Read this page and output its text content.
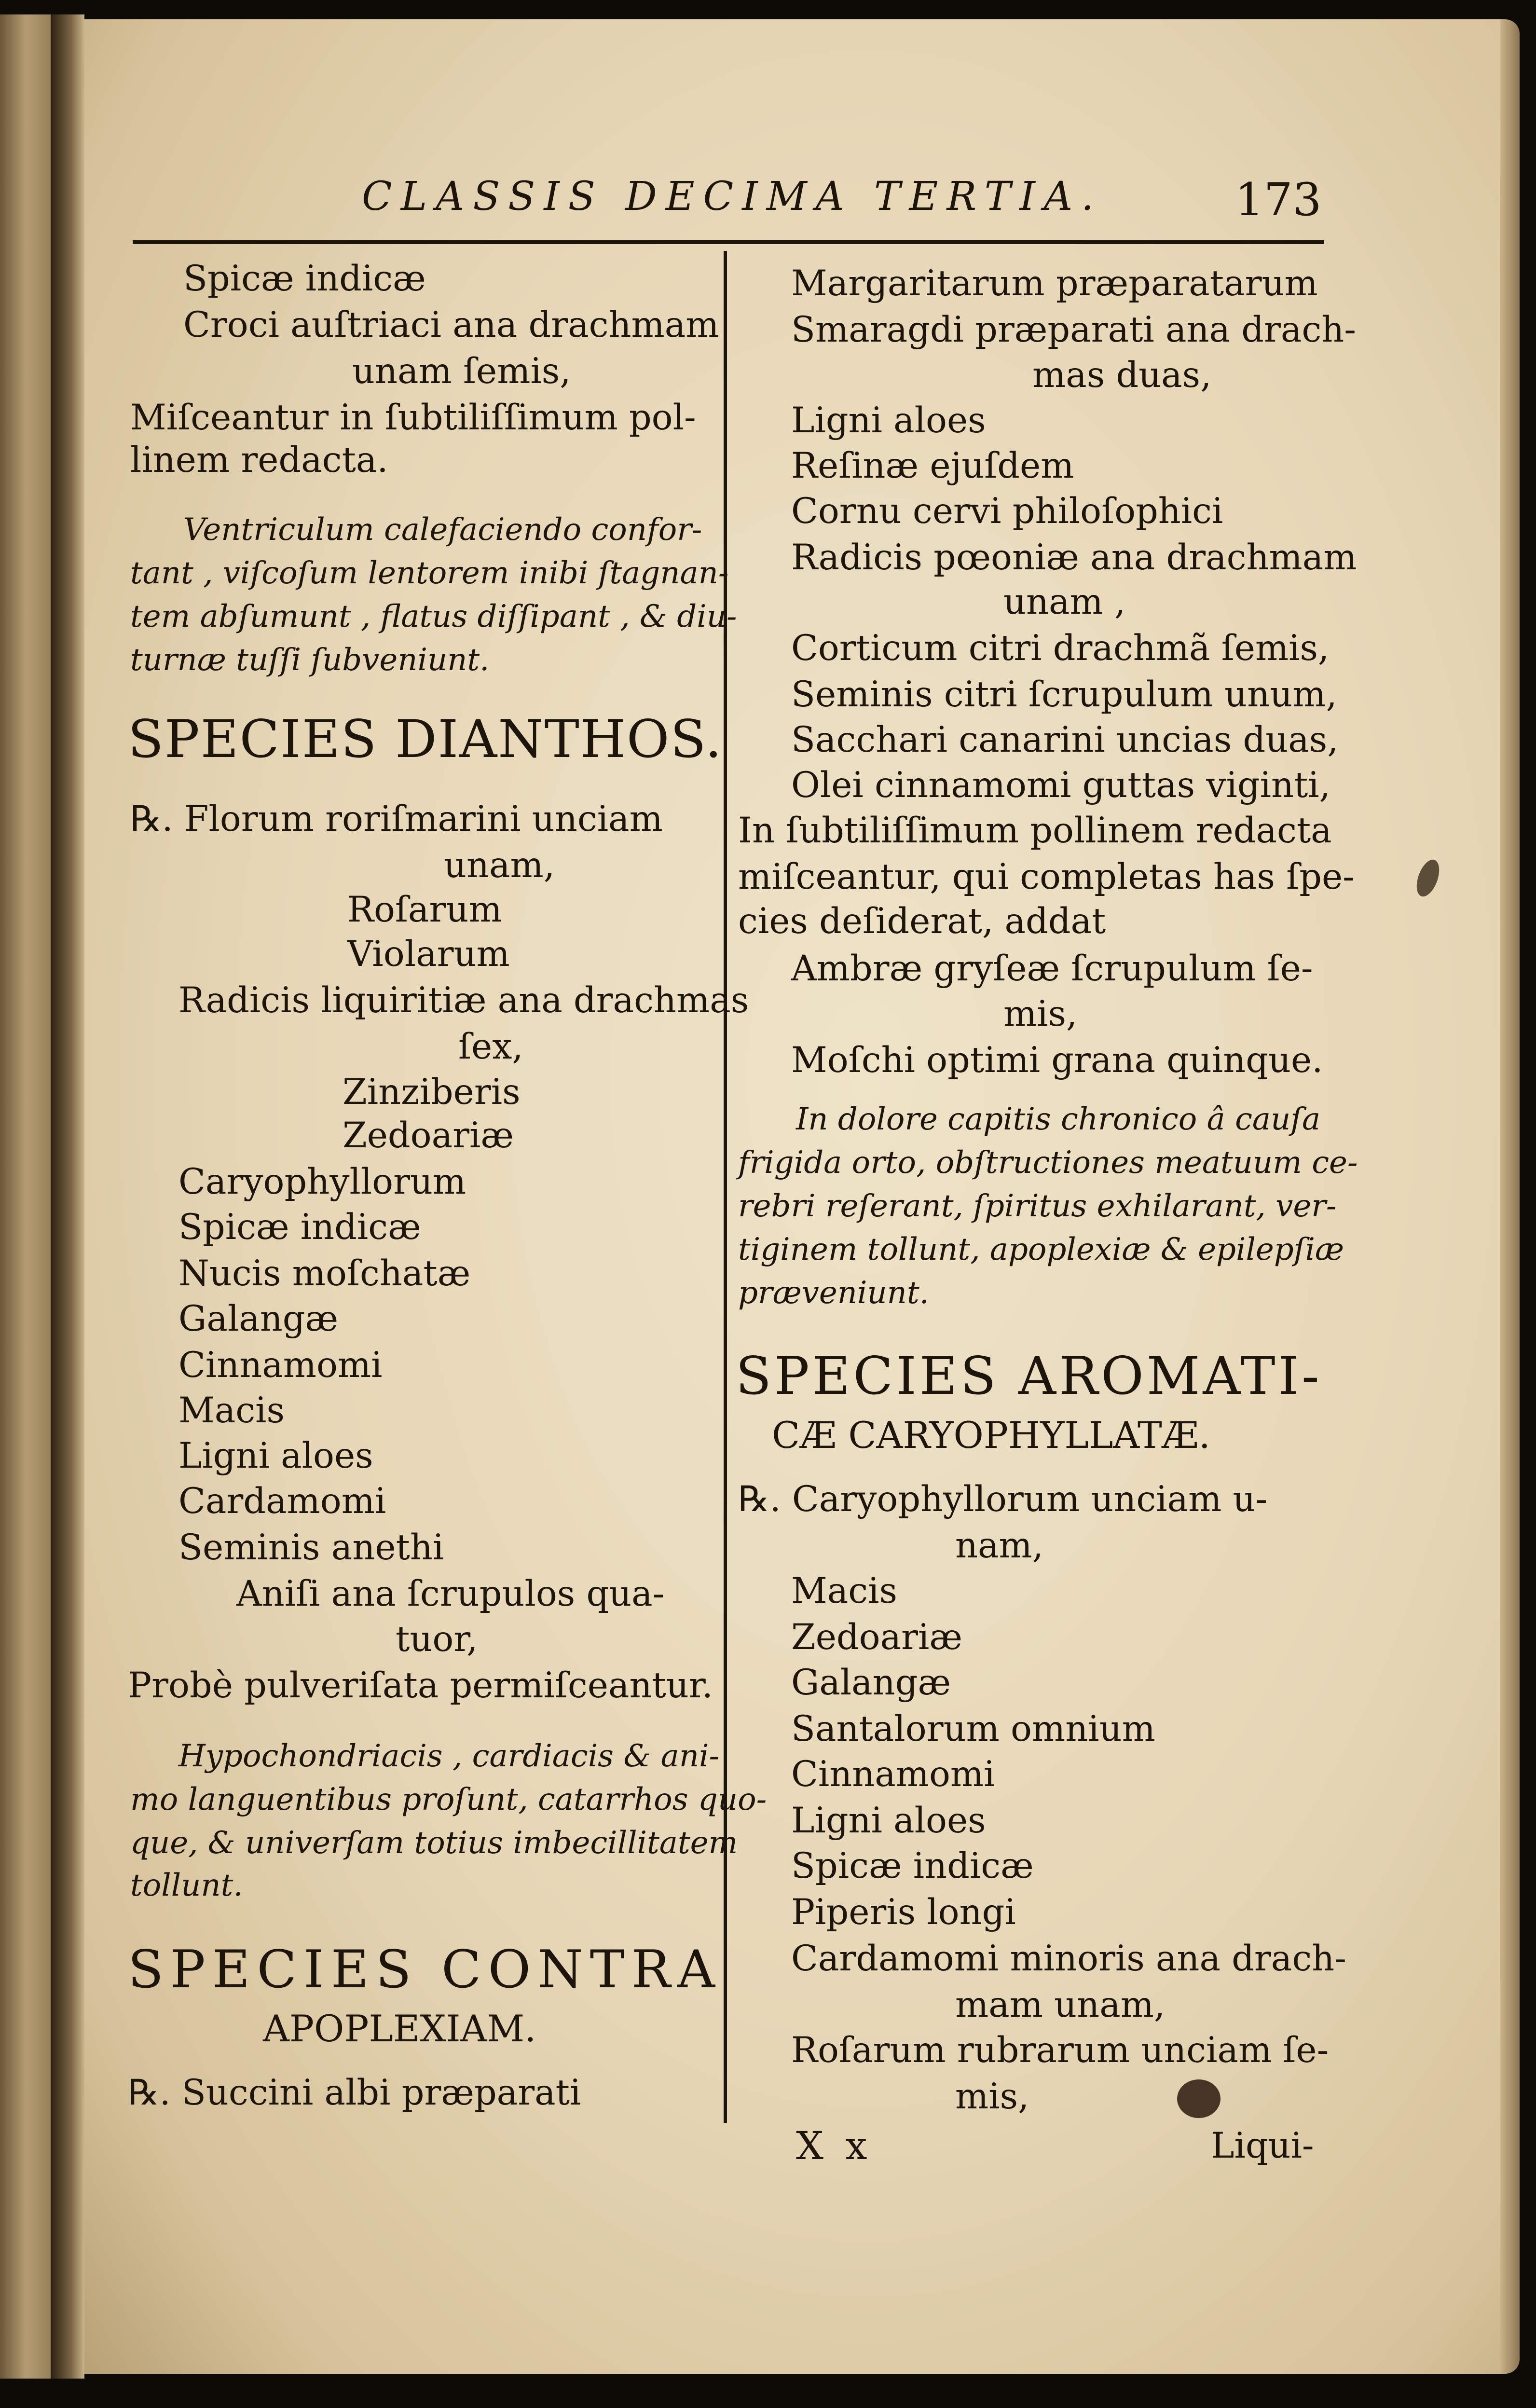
CLASSIS DECIMA TERTIA.	173
Spicæ indicæ
Croci auſtriaci ana drachmam
unam ſemis,
Miſceantur in ſubtiliſſimum pol-
linem redacta.
Ventriculum calefaciendo confor-
tant , viſcoſum lentorem inibi ſtagnan-
tem abſumunt , flatus diſſipant , & diu-
turnæ tuſſi ſubveniunt.
SPECIES DIANTHOS.
℞. Florum roriſmarini unciam
unam,
Roſarum
Violarum
Radicis liquiritiæ ana drachmas
ſex,
Zinziberis
Zedoariæ
Caryophyllorum
Spicæ indicæ
Nucis moſchatæ
Galangæ
Cinnamomi
Macis
Ligni aloes
Cardamomi
Seminis anethi
Aniſi ana ſcrupulos qua-
tuor,
Probè pulveriſata permiſceantur.
Hypochondriacis , cardiacis & ani-
mo languentibus proſunt, catarrhos quo-
que, & univerſam totius imbecillitatem
tollunt.
SPECIES CONTRA
APOPLEXIAM.
℞. Succini albi præparati
Margaritarum præparatarum
Smaragdi præparati ana drach-
mas duas,
Ligni aloes
Reſinæ ejuſdem
Cornu cervi philoſophici
Radicis pœoniæ ana drachmam
unam ,
Corticum citri drachmã ſemis,
Seminis citri ſcrupulum unum,
Sacchari canarini uncias duas,
Olei cinnamomi guttas viginti,
In ſubtiliſſimum pollinem redacta
miſceantur, qui completas has ſpe-
cies deſiderat, addat
Ambræ gryſeæ ſcrupulum ſe-
mis,
Moſchi optimi grana quinque.
In dolore capitis chronico â cauſa
frigida orto, obſtructiones meatuum ce-
rebri reſerant, ſpiritus exhilarant, ver-
tiginem tollunt, apoplexiæ & epilepſiæ
præveniunt.
SPECIES AROMATI-
CÆ CARYOPHYLLATÆ.
℞. Caryophyllorum unciam u-
nam,
Macis
Zedoariæ
Galangæ
Santalorum omnium
Cinnamomi
Ligni aloes
Spicæ indicæ
Piperis longi
Cardamomi minoris ana drach-
mam unam,
Roſarum rubrarum unciam ſe-
mis,
X x	Liqui-
